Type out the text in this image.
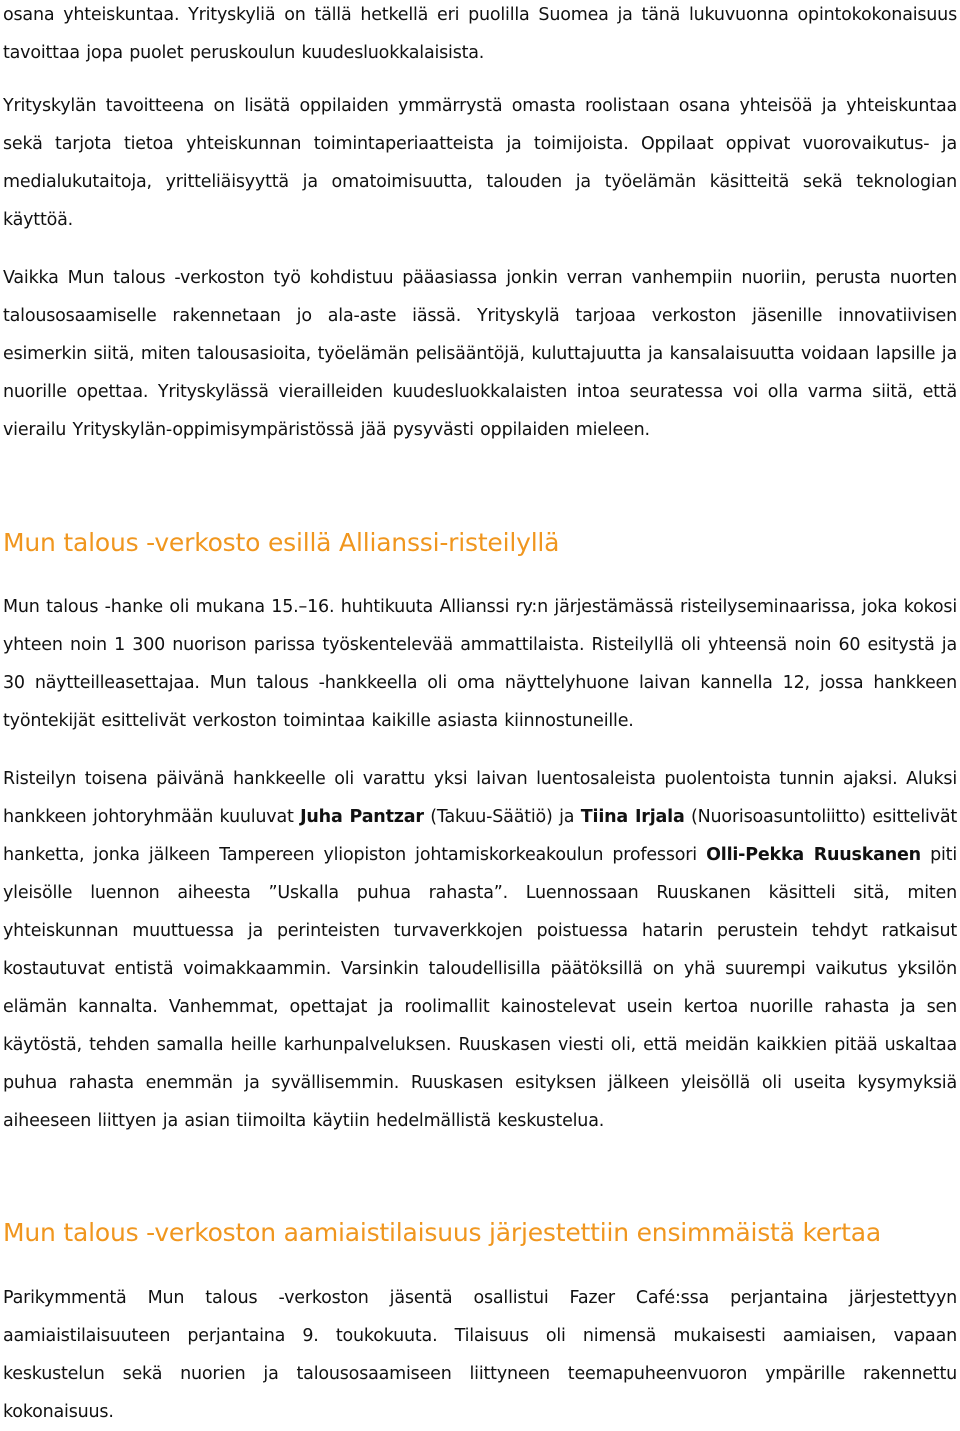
osana yhteiskuntaa. Yrityskyliä on tällä hetkellä eri puolilla Suomea ja tänä lukuvuonna opintokokonaisuus tavoittaa jopa puolet peruskoulun kuudesluokkalaisista.

Yrityskylän tavoitteena on lisätä oppilaiden ymmärrystä omasta roolistaan osana yhteisöä ja yhteiskuntaa sekä tarjota tietoa yhteiskunnan toimintaperiaatteista ja toimijoista. Oppilaat oppivat vuorovaikutus- ja medialukutaitoja, yritteliäisyyttä ja omatoimisuutta, talouden ja työelämän käsitteitä sekä teknologian käyttöä.

Vaikka Mun talous -verkoston työ kohdistuu pääasiassa jonkin verran vanhempiin nuoriin, perusta nuorten talousosaamiselle rakennetaan jo ala-aste iässä. Yrityskylä tarjoaa verkoston jäsenille innovatiivisen esimerkin siitä, miten talousasioita, työelämän pelisääntöjä, kuluttajuutta ja kansalaisuutta voidaan lapsille ja nuorille opettaa. Yrityskylässä vierailleiden kuudesluokkalaisten intoa seuratessa voi olla varma siitä, että vierailu Yrityskylän-oppimisympäristössä jää pysyvästi oppilaiden mieleen.

Mun talous -verkosto esillä Allianssi-risteilyllä

Mun talous -hanke oli mukana 15.–16. huhtikuuta Allianssi ry:n järjestämässä risteilyseminaarissa, joka kokosi yhteen noin 1 300 nuorison parissa työskentelevää ammattilaista. Risteilyllä oli yhteensä noin 60 esitystä ja 30 näytteilleasettajaa. Mun talous -hankkeella oli oma näyttelyhuone laivan kannella 12, jossa hankkeen työntekijät esittelivät verkoston toimintaa kaikille asiasta kiinnostuneille.

Risteilyn toisena päivänä hankkeelle oli varattu yksi laivan luentosaleista puolentoista tunnin ajaksi. Aluksi hankkeen johtoryhmään kuuluvat Juha Pantzar (Takuu-Säätiö) ja Tiina Irjala (Nuorisoasuntoliitto) esittelivät hanketta, jonka jälkeen Tampereen yliopiston johtamiskorkeakoulun professori Olli-Pekka Ruuskanen piti yleisölle luennon aiheesta ”Uskalla puhua rahasta”. Luennossaan Ruuskanen käsitteli sitä, miten yhteiskunnan muuttuessa ja perinteisten turvaverkkojen poistuessa hatarin perustein tehdyt ratkaisut kostautuvat entistä voimakkaammin. Varsinkin taloudellisilla päätöksillä on yhä suurempi vaikutus yksilön elämän kannalta. Vanhemmat, opettajat ja roolimallit kainostelevat usein kertoa nuorille rahasta ja sen käytöstä, tehden samalla heille karhunpalveluksen. Ruuskasen viesti oli, että meidän kaikkien pitää uskaltaa puhua rahasta enemmän ja syvällisemmin. Ruuskasen esityksen jälkeen yleisöllä oli useita kysymyksiä aiheeseen liittyen ja asian tiimoilta käytiin hedelmällistä keskustelua.

Mun talous -verkoston aamiaistilaisuus järjestettiin ensimmäistä kertaa

Parikymmentä Mun talous -verkoston jäsentä osallistui Fazer Café:ssa perjantaina järjestettyyn aamiaistilaisuuteen perjantaina 9. toukokuuta. Tilaisuus oli nimensä mukaisesti aamiaisen, vapaan keskustelun sekä nuorien ja talousosaamiseen liittyneen teemapuheenvuoron ympärille rakennettu kokonaisuus.
